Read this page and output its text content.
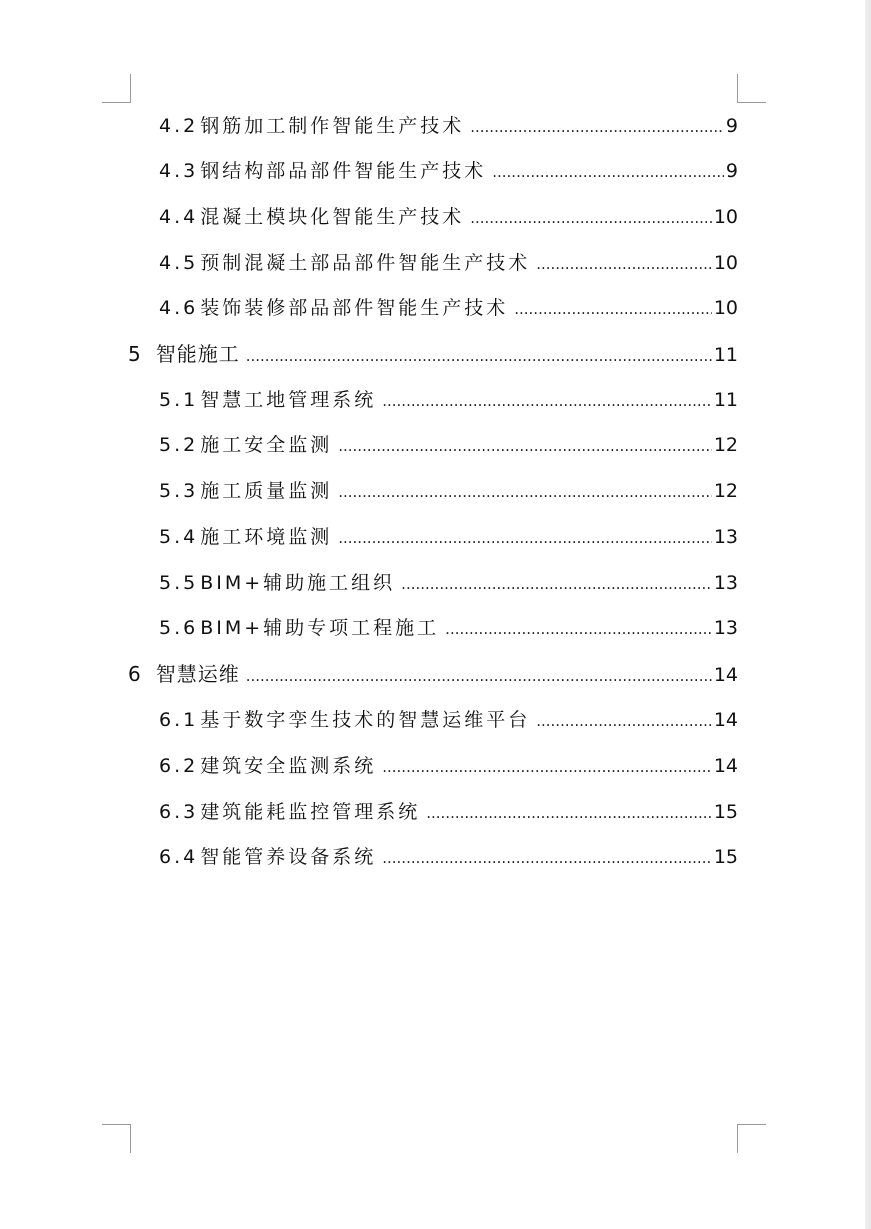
4.2 钢筋加工制作智能生产技术 .....	9
4.3 钢结构部品部件智能生产技术 .....	9
4.4 混凝土模块化智能生产技术 .....	10
4.5 预制混凝土部品部件智能生产技术 .....	10
4.6 装饰装修部品部件智能生产技术 .....	10
5 智能施工 .....	11
5.1 智慧工地管理系统 .....	11
5.2 施工安全监测 .....	12
5.3 施工质量监测 .....	12
5.4 施工环境监测 .....	13
5.5 BIM+辅助施工组织 .....	13
5.6 BIM+辅助专项工程施工 .....	13
6 智慧运维 .....	14
6.1 基于数字孪生技术的智慧运维平台 .....	14
6.2 建筑安全监测系统 .....	14
6.3 建筑能耗监控管理系统 .....	15
6.4 智能管养设备系统 .....	15
